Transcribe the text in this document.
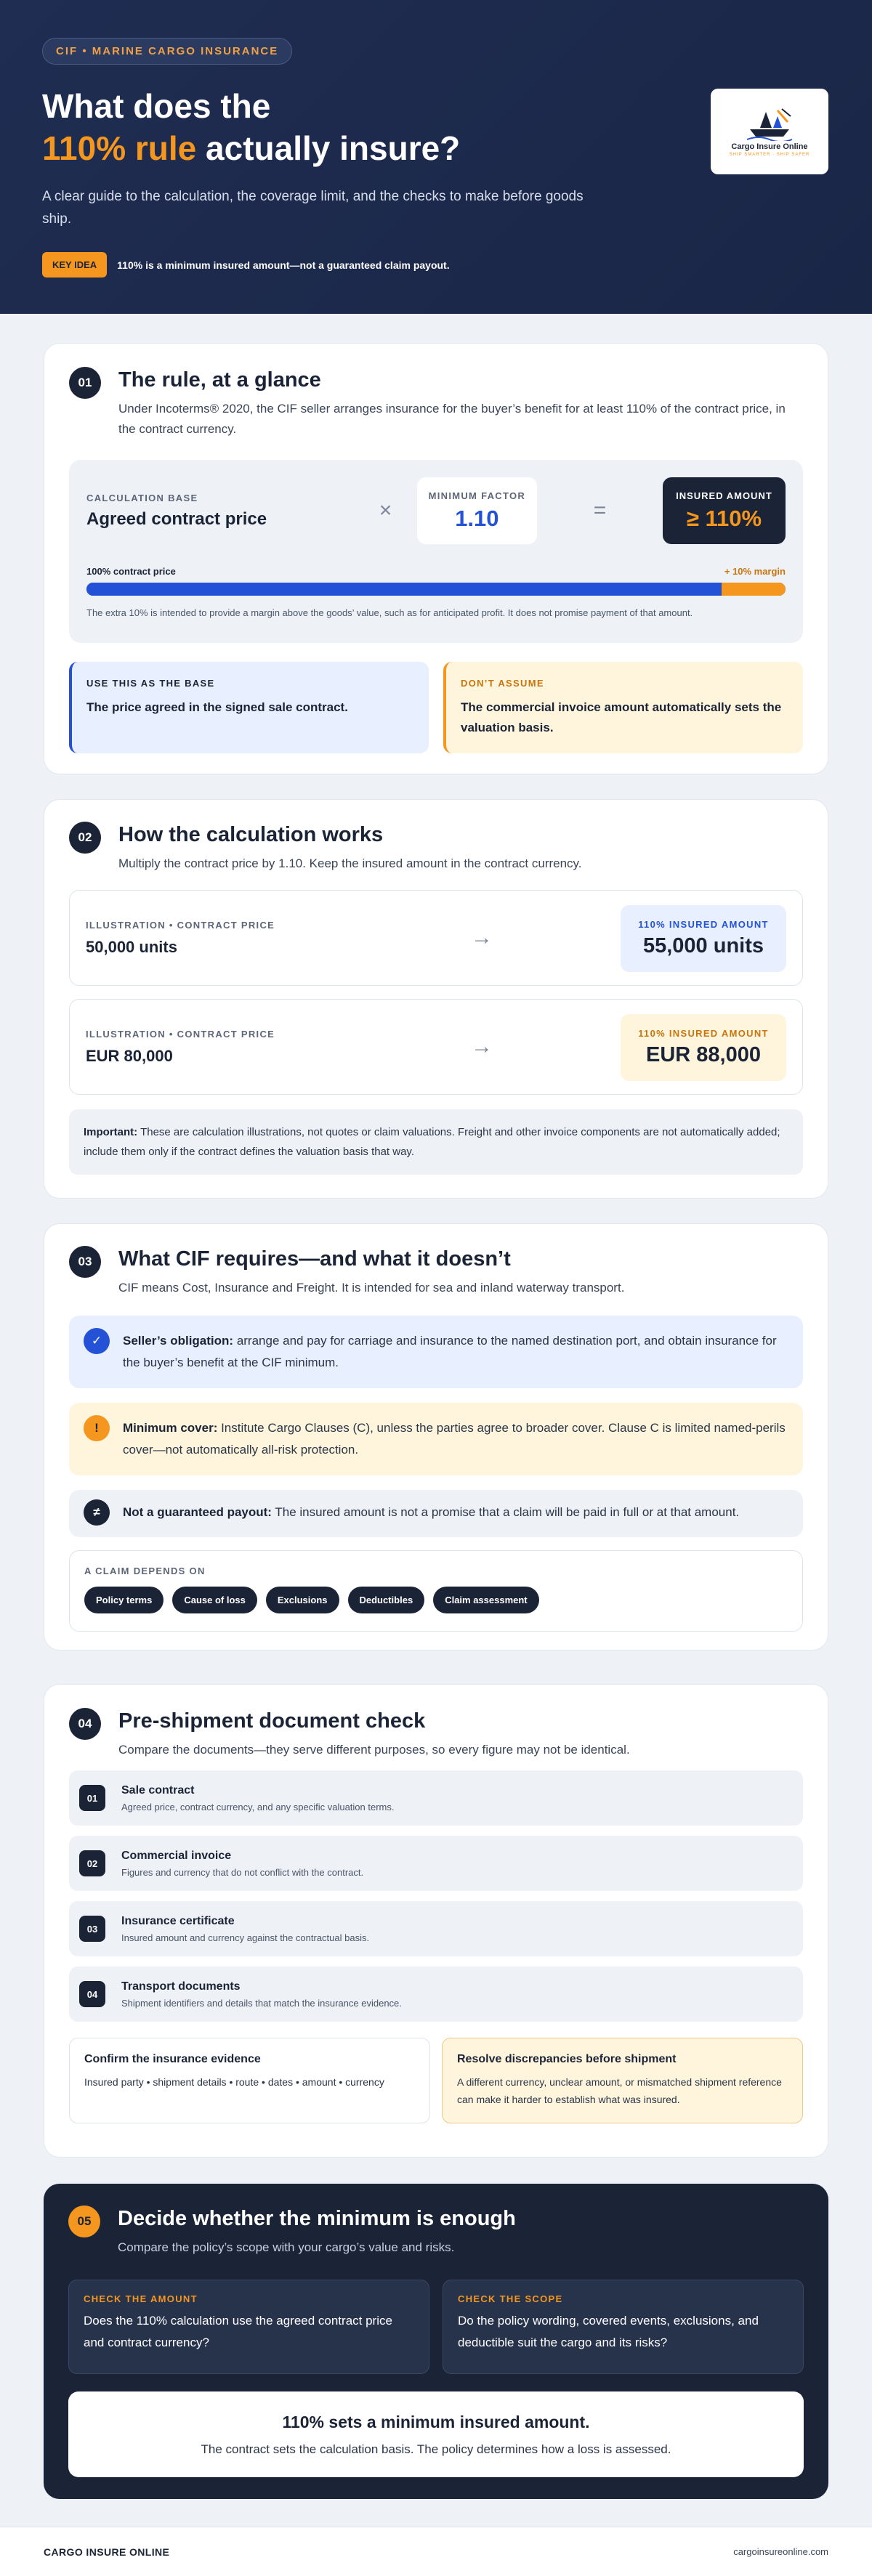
CIF • MARINE CARGO INSURANCE
What does the
110% rule actually insure?

A clear guide to the calculation, the coverage limit, and the checks to make before goods ship.

KEY IDEA	110% is a minimum insured amount—not a guaranteed claim payout.
Cargo Insure Online
SHIP SMARTER · SHIP SAFER
01	The rule, at a glance
Under Incoterms® 2020, the CIF seller arranges insurance for the buyer’s benefit for at least 110% of the contract price, in the contract currency.
CALCULATION BASE
Agreed contract price	×
MINIMUM FACTOR
1.10	=
INSURED AMOUNT
≥ 110%
100% contract price	+ 10% margin
The extra 10% is intended to provide a margin above the goods’ value, such as for anticipated profit. It does not promise payment of that amount.
USE THIS AS THE BASE
The price agreed in the signed sale contract.
DON’T ASSUME
The commercial invoice amount automatically sets the valuation basis.
02	How the calculation works
Multiply the contract price by 1.10. Keep the insured amount in the contract currency.
ILLUSTRATION • CONTRACT PRICE
50,000 units	→
110% INSURED AMOUNT
55,000 units
ILLUSTRATION • CONTRACT PRICE
EUR 80,000	→
110% INSURED AMOUNT
EUR 88,000
Important: These are calculation illustrations, not quotes or claim valuations. Freight and other invoice components are not automatically added; include them only if the contract defines the valuation basis that way.
03	What CIF requires—and what it doesn’t
CIF means Cost, Insurance and Freight. It is intended for sea and inland waterway transport.
✓	Seller’s obligation: arrange and pay for carriage and insurance to the named destination port, and obtain insurance for the buyer’s benefit at the CIF minimum.
!	Minimum cover: Institute Cargo Clauses (C), unless the parties agree to broader cover. Clause C is limited named-perils cover—not automatically all-risk protection.
≠	Not a guaranteed payout: The insured amount is not a promise that a claim will be paid in full or at that amount.
A CLAIM DEPENDS ON
Policy terms	Cause of loss	Exclusions	Deductibles	Claim assessment
04	Pre-shipment document check
Compare the documents—they serve different purposes, so every figure may not be identical.
01
Sale contract
Agreed price, contract currency, and any specific valuation terms.
02
Commercial invoice
Figures and currency that do not conflict with the contract.
03
Insurance certificate
Insured amount and currency against the contractual basis.
04
Transport documents
Shipment identifiers and details that match the insurance evidence.
Confirm the insurance evidence
Insured party • shipment details • route • dates • amount • currency
Resolve discrepancies before shipment
A different currency, unclear amount, or mismatched shipment reference can make it harder to establish what was insured.
05	Decide whether the minimum is enough
Compare the policy’s scope with your cargo’s value and risks.
CHECK THE AMOUNT
Does the 110% calculation use the agreed contract price and contract currency?
CHECK THE SCOPE
Do the policy wording, covered events, exclusions, and deductible suit the cargo and its risks?
110% sets a minimum insured amount.
The contract sets the calculation basis. The policy determines how a loss is assessed.
CARGO INSURE ONLINE	cargoinsureonline.com
